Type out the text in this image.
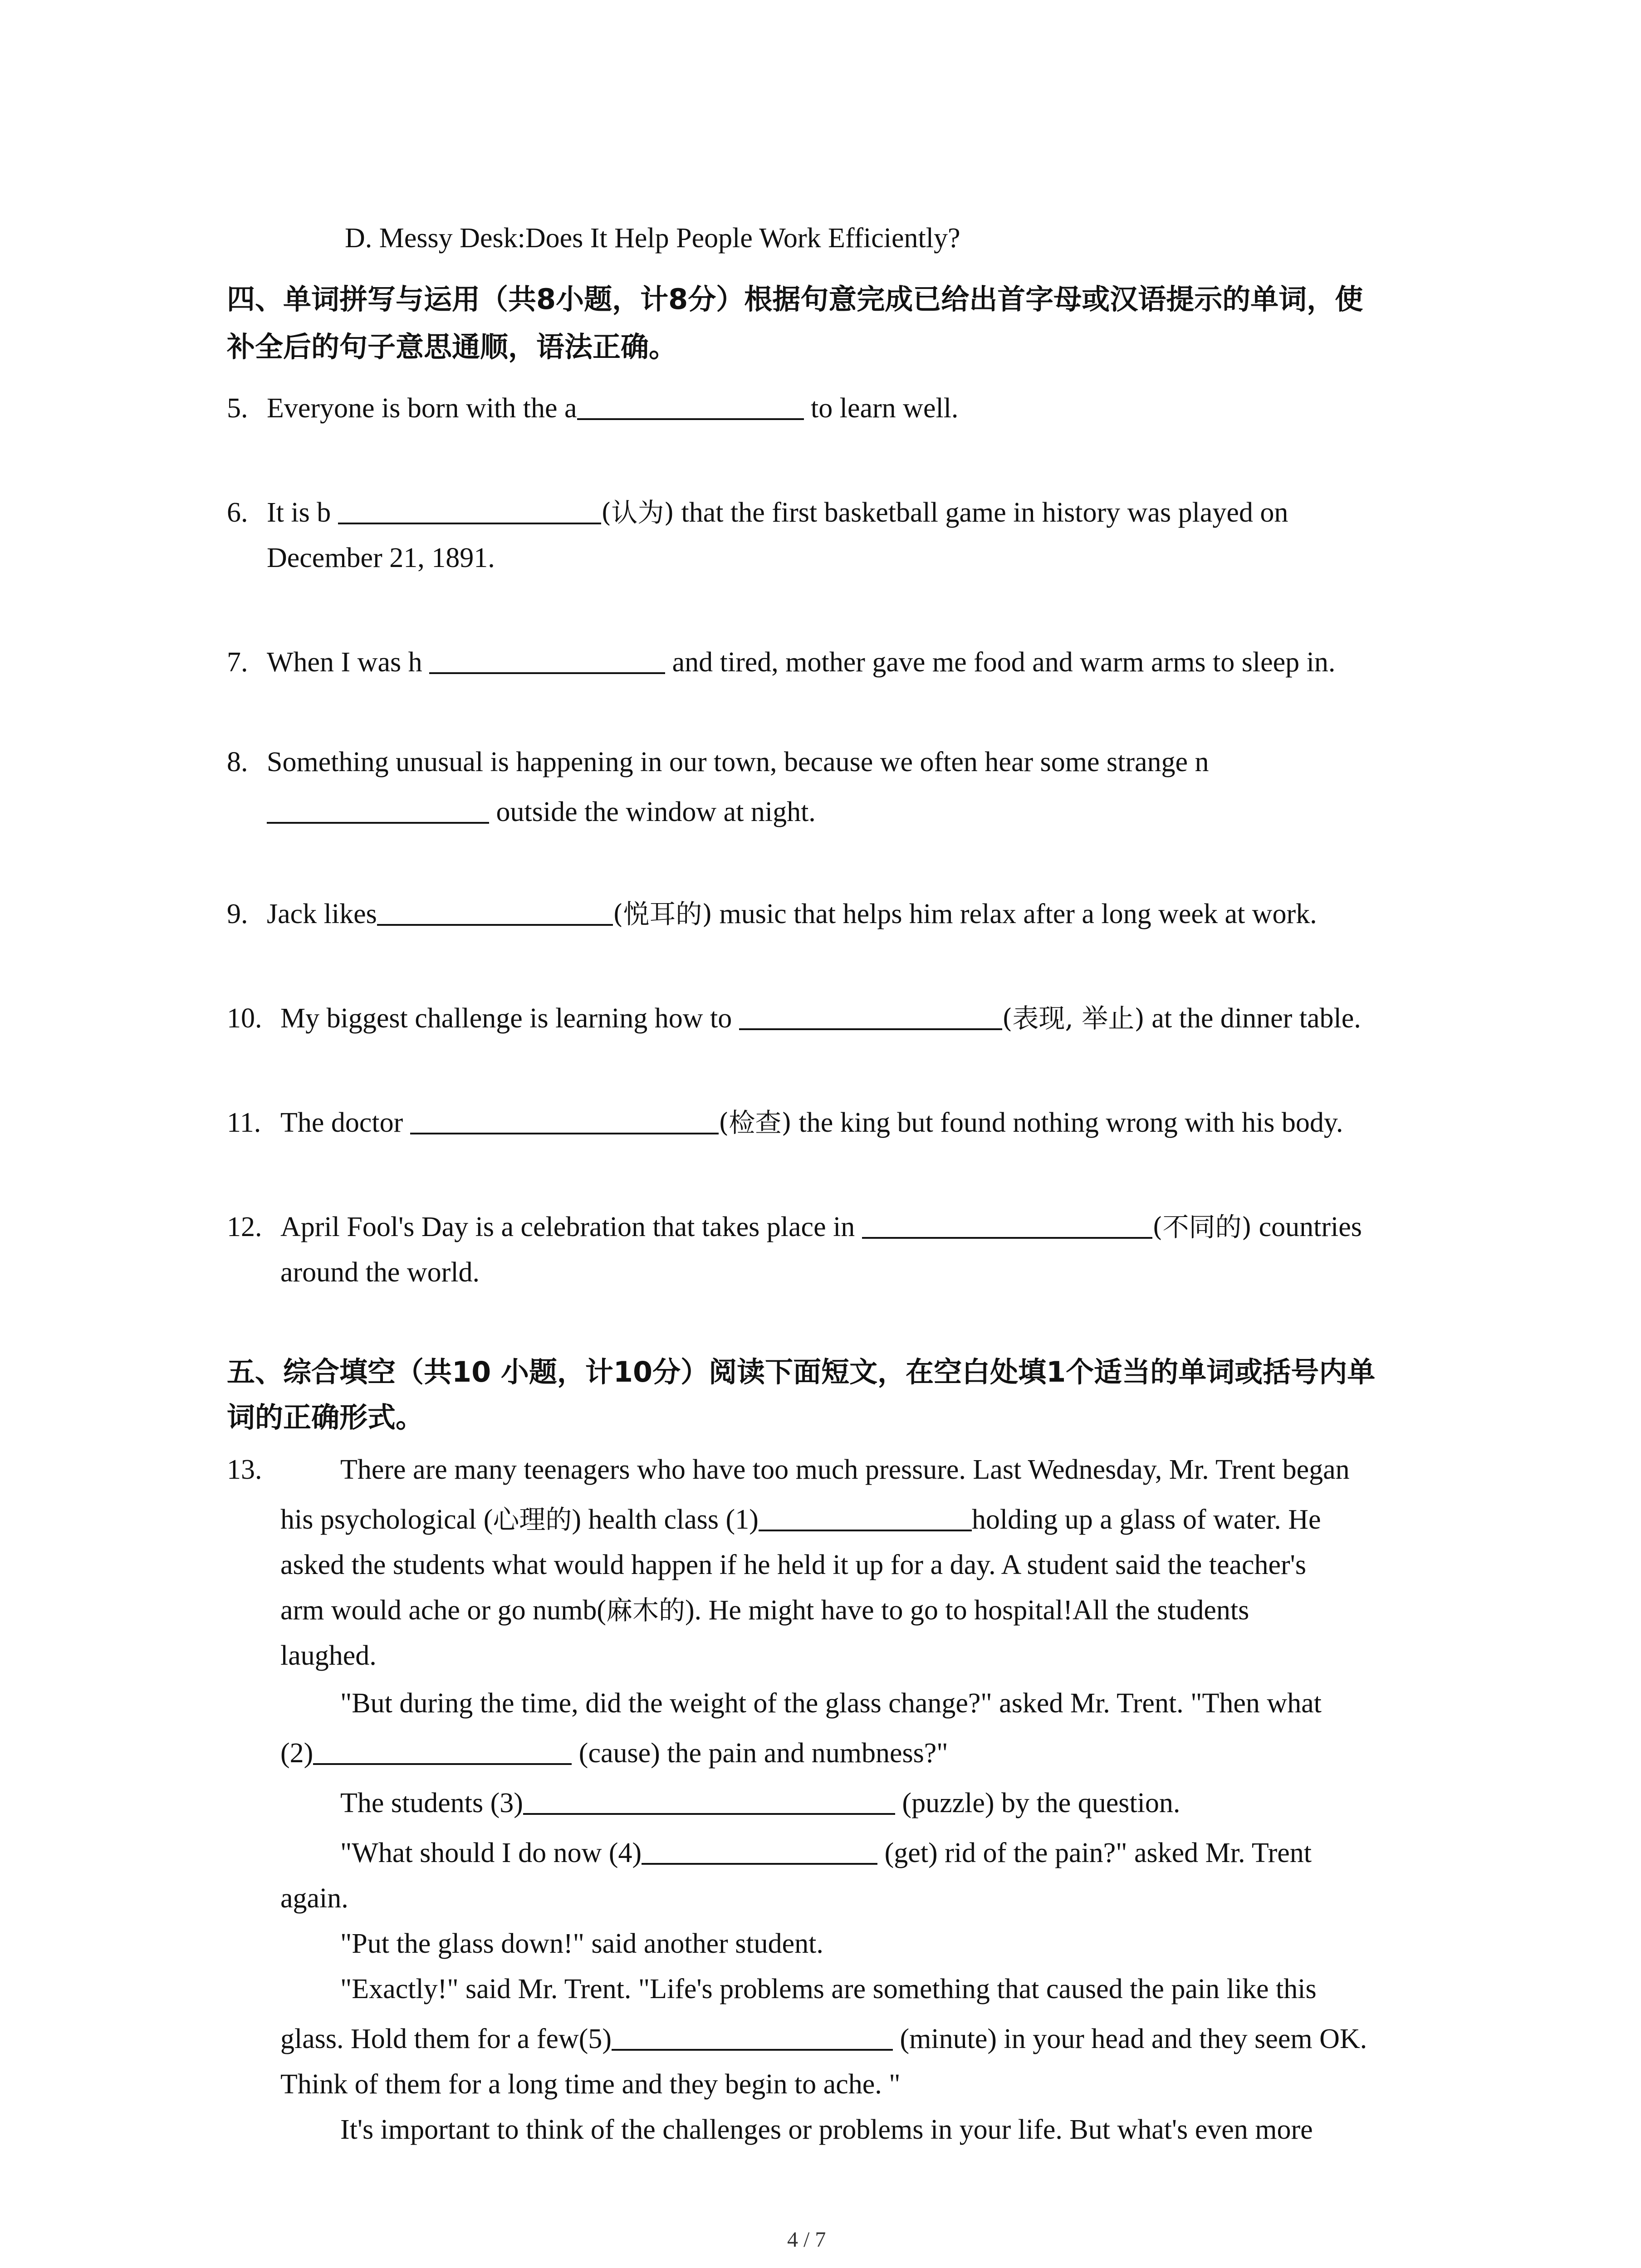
D. Messy Desk:Does It Help People Work Efficiently?
四、单词拼写与运用（共8小题，计8分）根据句意完成已给出首字母或汉语提示的单词，使
补全后的句子意思通顺，语法正确。
5. Everyone is born with the a	to learn well.
6. It is b	(认为) that the first basketball game in history was played on
December 21, 1891.
7. When I was h	and tired, mother gave me food and warm arms to sleep in.
8. Something unusual is happening in our town, because we often hear some strange n
outside the window at night.
9. Jack likes	(悦耳的) music that helps him relax after a long week at work.
10. My biggest challenge is learning how to	(表现, 举止) at the dinner table.
11. The doctor	(检查) the king but found nothing wrong with his body.
12. April Fool's Day is a celebration that takes place in	(不同的) countries
around the world.
五、综合填空（共10 小题，计10分）阅读下面短文，在空白处填1个适当的单词或括号内单
词的正确形式。
13.	There are many teenagers who have too much pressure. Last Wednesday, Mr. Trent began
his psychological (心理的) health class (1)	holding up a glass of water. He
asked the students what would happen if he held it up for a day. A student said the teacher's
arm would ache or go numb(麻木的). He might have to go to hospital!All the students
laughed.
"But during the time, did the weight of the glass change?" asked Mr. Trent. "Then what
(2)	(cause) the pain and numbness?"
The students (3)	(puzzle) by the question.
"What should I do now (4)	(get) rid of the pain?" asked Mr. Trent
again.
"Put the glass down!" said another student.
"Exactly!" said Mr. Trent. "Life's problems are something that caused the pain like this
glass. Hold them for a few(5)	(minute) in your head and they seem OK.
Think of them for a long time and they begin to ache. "
It's important to think of the challenges or problems in your life. But what's even more
4 / 7
